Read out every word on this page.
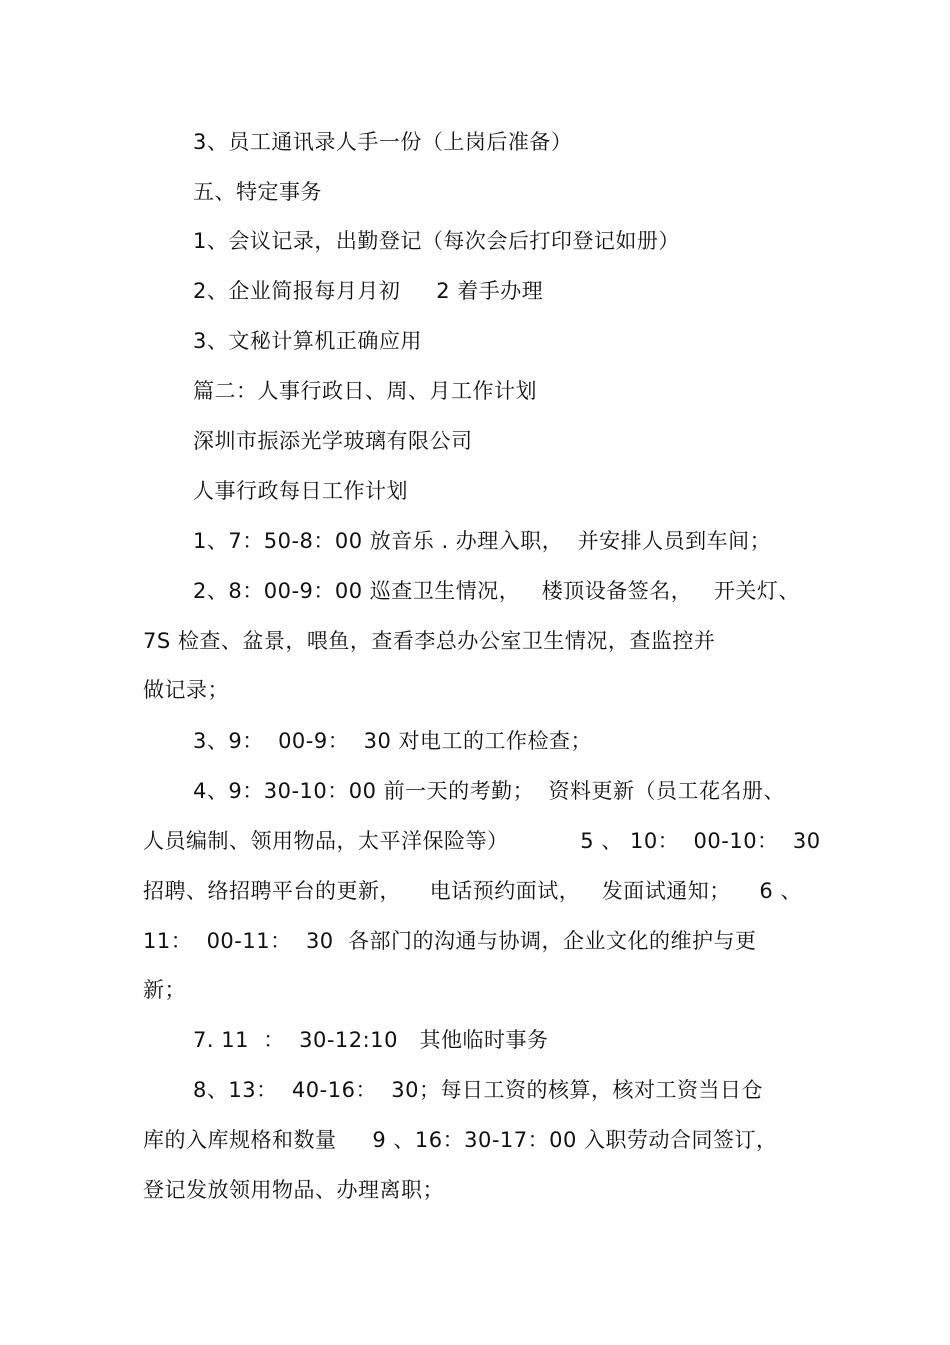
3、员工通讯录人手一份（上岗后准备）
五、特定事务
1、会议记录，出勤登记（每次会后打印登记如册）
2、企业简报每月月初     2 着手办理
3、文秘计算机正确应用
篇二：人事行政日、周、月工作计划
深圳市振添光学玻璃有限公司
人事行政每日工作计划
1、7：50-8：00 放音乐 . 办理入职，  并安排人员到车间；
2、8：00-9：00 巡查卫生情况，   楼顶设备签名，   开关灯、
7S 检查、盆景，喂鱼，查看李总办公室卫生情况，查监控并
做记录；
3、9：  00-9：  30 对电工的工作检查；
4、9：30-10：00 前一天的考勤；  资料更新（员工花名册、
人员编制、领用物品，太平洋保险等）          5 、 10：  00-10：  30
招聘、络招聘平台的更新，    电话预约面试，   发面试通知；    6 、
11：  00-11：  30  各部门的沟通与协调，企业文化的维护与更
新；
7. 11  ：  30-12:10   其他临时事务
8、13：  40-16：  30；每日工资的核算，核对工资当日仓
库的入库规格和数量     9 、16：30-17：00 入职劳动合同签订，
登记发放领用物品、办理离职；
